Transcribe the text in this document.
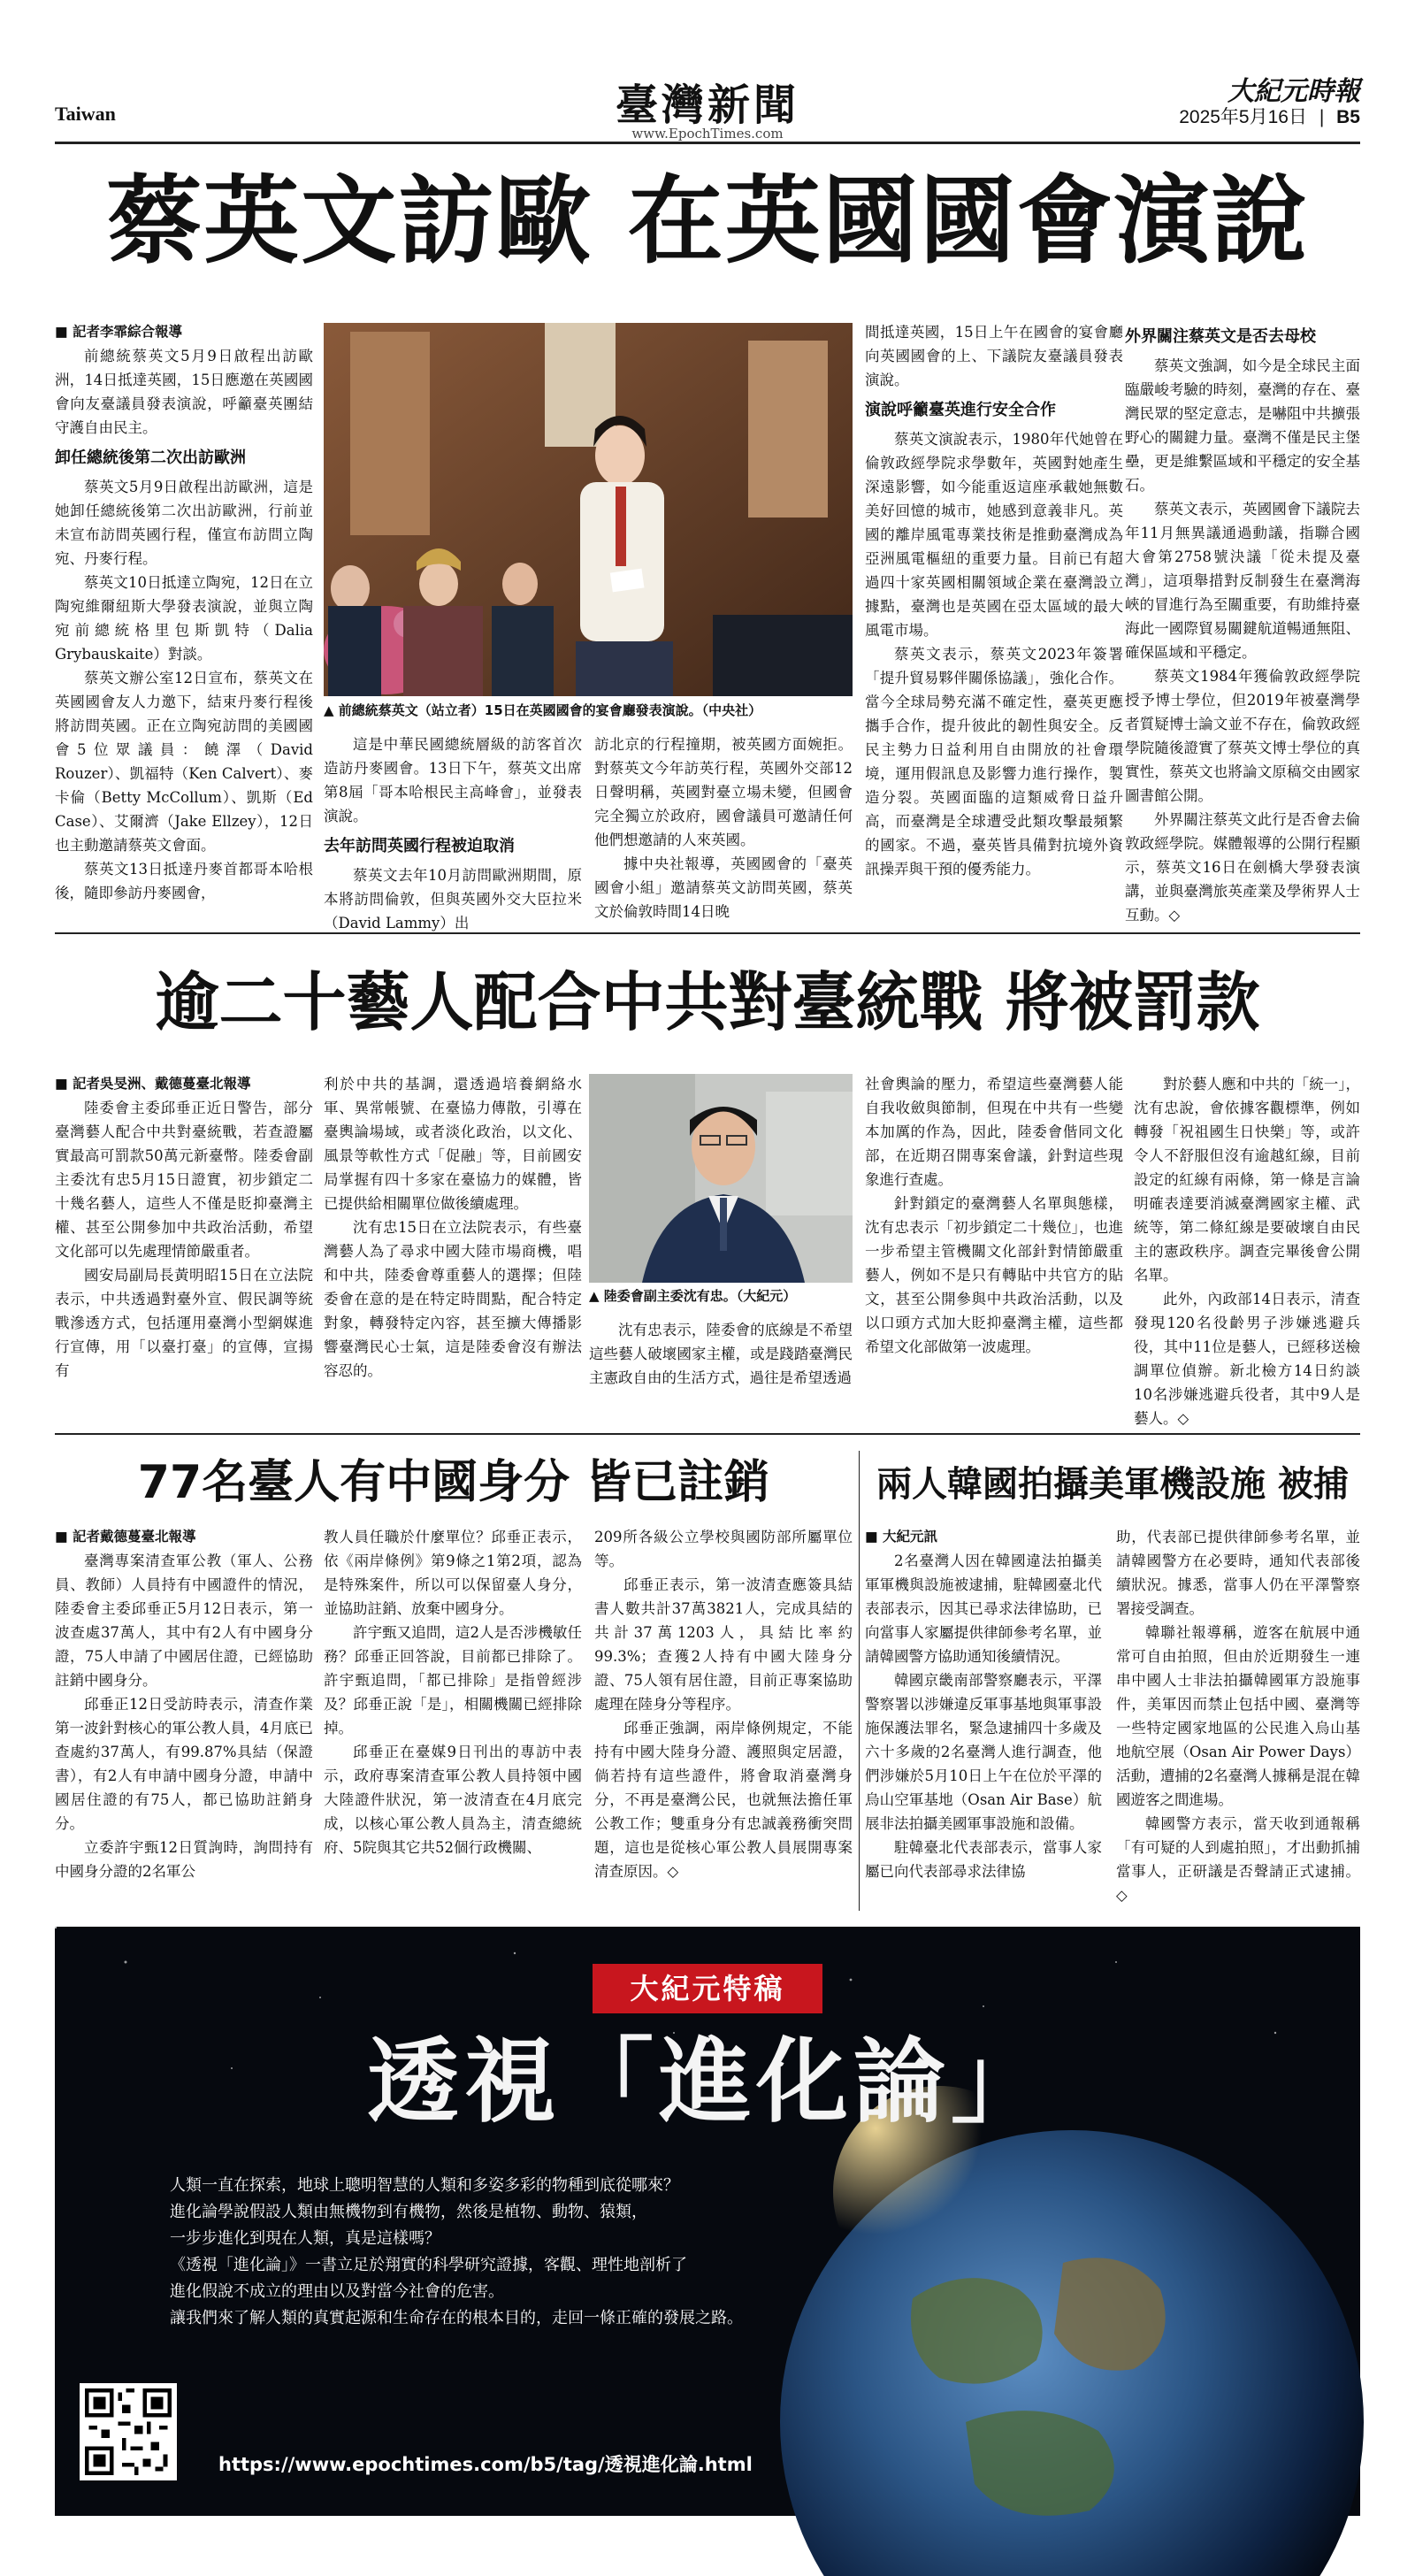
Taiwan	臺灣新聞
www.EpochTimes.com
大紀元時報
2025年5月16日 | B5
蔡英文訪歐 在英國國會演說

■ 記者李霏綜合報導

前總統蔡英文5月9日啟程出訪歐洲，14日抵達英國，15日應邀在英國國會向友臺議員發表演說，呼籲臺英團結守護自由民主。

卸任總統後第二次出訪歐洲

蔡英文5月9日啟程出訪歐洲，這是她卸任總統後第二次出訪歐洲，行前並未宣布訪問英國行程，僅宣布訪問立陶宛、丹麥行程。

蔡英文10日抵達立陶宛，12日在立陶宛維爾紐斯大學發表演說，並與立陶宛前總統格里包斯凱特（Dalia Grybauskaite）對談。

蔡英文辦公室12日宣布，蔡英文在英國國會友人力邀下，結束丹麥行程後將訪問英國。正在立陶宛訪問的美國國會5位眾議員：饒澤（David Rouzer）、凱福特（Ken Calvert）、麥卡倫（Betty McCollum）、凱斯（Ed Case）、艾爾濟（Jake Ellzey），12日也主動邀請蔡英文會面。

蔡英文13日抵達丹麥首都哥本哈根後，隨即參訪丹麥國會，

▲ 前總統蔡英文（站立者）15日在英國國會的宴會廳發表演說。（中央社）

這是中華民國總統層級的訪客首次造訪丹麥國會。13日下午，蔡英文出席第8屆「哥本哈根民主高峰會」，並發表演說。

去年訪問英國行程被迫取消

蔡英文去年10月訪問歐洲期間，原本將訪問倫敦，但與英國外交大臣拉米（David Lammy）出

訪北京的行程撞期，被英國方面婉拒。對蔡英文今年訪英行程，英國外交部12日聲明稱，英國對臺立場未變，但國會完全獨立於政府，國會議員可邀請任何他們想邀請的人來英國。

據中央社報導，英國國會的「臺英國會小組」邀請蔡英文訪問英國，蔡英文於倫敦時間14日晚

間抵達英國，15日上午在國會的宴會廳向英國國會的上、下議院友臺議員發表演說。

演說呼籲臺英進行安全合作

蔡英文演說表示，1980年代她曾在倫敦政經學院求學數年，英國對她產生深遠影響，如今能重返這座承載她無數美好回憶的城市，她感到意義非凡。英國的離岸風電專業技術是推動臺灣成為亞洲風電樞紐的重要力量。目前已有超過四十家英國相關領域企業在臺灣設立據點，臺灣也是英國在亞太區域的最大風電市場。

蔡英文表示，蔡英文2023年簽署「提升貿易夥伴關係協議」，強化合作。當今全球局勢充滿不確定性，臺英更應攜手合作，提升彼此的韌性與安全。反民主勢力日益利用自由開放的社會環境，運用假訊息及影響力進行操作，製造分裂。英國面臨的這類威脅日益升高，而臺灣是全球遭受此類攻擊最頻繁的國家。不過，臺英皆具備對抗境外資訊操弄與干預的優秀能力。

外界關注蔡英文是否去母校

蔡英文強調，如今是全球民主面臨嚴峻考驗的時刻，臺灣的存在、臺灣民眾的堅定意志，是嚇阻中共擴張野心的關鍵力量。臺灣不僅是民主堡壘，更是維繫區域和平穩定的安全基石。

蔡英文表示，英國國會下議院去年11月無異議通過動議，指聯合國大會第2758號決議「從未提及臺灣」，這項舉措對反制發生在臺灣海峽的冒進行為至關重要，有助維持臺海此一國際貿易關鍵航道暢通無阻、確保區域和平穩定。

蔡英文1984年獲倫敦政經學院授予博士學位，但2019年被臺灣學者質疑博士論文並不存在，倫敦政經學院隨後證實了蔡英文博士學位的真實性，蔡英文也將論文原稿交由國家圖書館公開。

外界關注蔡英文此行是否會去倫敦政經學院。媒體報導的公開行程顯示，蔡英文16日在劍橋大學發表演講，並與臺灣旅英產業及學術界人士互動。◇

逾二十藝人配合中共對臺統戰 將被罰款

■ 記者吳旻洲、戴德蔓臺北報導

陸委會主委邱垂正近日警告，部分臺灣藝人配合中共對臺統戰，若查證屬實最高可罰款50萬元新臺幣。陸委會副主委沈有忠5月15日證實，初步鎖定二十幾名藝人，這些人不僅是貶抑臺灣主權、甚至公開參加中共政治活動，希望文化部可以先處理情節嚴重者。

國安局副局長黃明昭15日在立法院表示，中共透過對臺外宣、假民調等統戰滲透方式，包括運用臺灣小型網媒進行宣傳，用「以臺打臺」的宣傳，宣揚有

利於中共的基調，還透過培養網絡水軍、異常帳號、在臺協力傳散，引導在臺輿論場域，或者淡化政治，以文化、風景等軟性方式「促融」等，目前國安局掌握有四十多家在臺協力的媒體，皆已提供給相關單位做後續處理。

沈有忠15日在立法院表示，有些臺灣藝人為了尋求中國大陸市場商機，唱和中共，陸委會尊重藝人的選擇；但陸委會在意的是在特定時間點，配合特定對象，轉發特定內容，甚至擴大傳播影響臺灣民心士氣，這是陸委會沒有辦法容忍的。

▲ 陸委會副主委沈有忠。（大紀元）

沈有忠表示，陸委會的底線是不希望這些藝人破壞國家主權，或是踐踏臺灣民主憲政自由的生活方式，過往是希望透過

社會輿論的壓力，希望這些臺灣藝人能自我收斂與節制，但現在中共有一些變本加厲的作為，因此，陸委會偕同文化部，在近期召開專案會議，針對這些現象進行查處。

針對鎖定的臺灣藝人名單與態樣，沈有忠表示「初步鎖定二十幾位」，也進一步希望主管機關文化部針對情節嚴重藝人，例如不是只有轉貼中共官方的貼文，甚至公開參與中共政治活動，以及以口頭方式加大貶抑臺灣主權，這些都希望文化部做第一波處理。

對於藝人應和中共的「統一」，沈有忠說，會依據客觀標準，例如轉發「祝祖國生日快樂」等，或許令人不舒服但沒有逾越紅線，目前設定的紅線有兩條，第一條是言論明確表達要消滅臺灣國家主權、武統等，第二條紅線是要破壞自由民主的憲政秩序。調查完畢後會公開名單。

此外，內政部14日表示，清查發現120名役齡男子涉嫌逃避兵役，其中11位是藝人，已經移送檢調單位偵辦。新北檢方14日約談10名涉嫌逃避兵役者，其中9人是藝人。◇

77名臺人有中國身分 皆已註銷

■ 記者戴德蔓臺北報導

臺灣專案清查軍公教（軍人、公務員、教師）人員持有中國證件的情況，陸委會主委邱垂正5月12日表示，第一波查處37萬人，其中有2人有中國身分證，75人申請了中國居住證，已經協助註銷中國身分。

邱垂正12日受訪時表示，清查作業第一波針對核心的軍公教人員，4月底已查處約37萬人，有99.87%具結（保證書），有2人有申請中國身分證，申請中國居住證的有75人，都已協助註銷身分。

立委許宇甄12日質詢時，詢問持有中國身分證的2名軍公

教人員任職於什麼單位？邱垂正表示，依《兩岸條例》第9條之1第2項，認為是特殊案件，所以可以保留臺人身分，並協助註銷、放棄中國身分。

許宇甄又追問，這2人是否涉機敏任務？邱垂正回答說，目前都已排除了。許宇甄追問，「都已排除」是指曾經涉及？邱垂正說「是」，相關機關已經排除掉。

邱垂正在臺媒9日刊出的專訪中表示，政府專案清查軍公教人員持領中國大陸證件狀況，第一波清查在4月底完成，以核心軍公教人員為主，清查總統府、5院與其它共52個行政機關、

209所各級公立學校與國防部所屬單位等。

邱垂正表示，第一波清查應簽具結書人數共計37萬3821人，完成具結的共計37萬1203人，具結比率約99.3%；查獲2人持有中國大陸身分證、75人領有居住證，目前正專案協助處理在陸身分等程序。

邱垂正強調，兩岸條例規定，不能持有中國大陸身分證、護照與定居證，倘若持有這些證件，將會取消臺灣身分，不再是臺灣公民，也就無法擔任軍公教工作；雙重身分有忠誠義務衝突問題，這也是從核心軍公教人員展開專案清查原因。◇

兩人韓國拍攝美軍機設施 被捕

■ 大紀元訊

2名臺灣人因在韓國違法拍攝美軍軍機與設施被逮捕，駐韓國臺北代表部表示，因其已尋求法律協助，已向當事人家屬提供律師參考名單，並請韓國警方協助通知後續情況。

韓國京畿南部警察廳表示，平澤警察署以涉嫌違反軍事基地與軍事設施保護法罪名，緊急逮捕四十多歲及六十多歲的2名臺灣人進行調查，他們涉嫌於5月10日上午在位於平澤的烏山空軍基地（Osan Air Base）航展非法拍攝美國軍事設施和設備。

駐韓臺北代表部表示，當事人家屬已向代表部尋求法律協

助，代表部已提供律師參考名單，並請韓國警方在必要時，通知代表部後續狀況。據悉，當事人仍在平澤警察署接受調查。

韓聯社報導稱，遊客在航展中通常可自由拍照，但由於近期發生一連串中國人士非法拍攝韓國軍方設施事件，美軍因而禁止包括中國、臺灣等一些特定國家地區的公民進入烏山基地航空展（Osan Air Power Days）活動，遭捕的2名臺灣人據稱是混在韓國遊客之間進場。

韓國警方表示，當天收到通報稱「有可疑的人到處拍照」，才出動抓捕當事人，正研議是否聲請正式逮捕。◇

大紀元特稿
透視「進化論」
人類一直在探索，地球上聰明智慧的人類和多姿多彩的物種到底從哪來？
進化論學說假設人類由無機物到有機物，然後是植物、動物、猿類，
一步步進化到現在人類，真是這樣嗎？
《透視「進化論」》一書立足於翔實的科學研究證據，客觀、理性地剖析了
進化假說不成立的理由以及對當今社會的危害。
讓我們來了解人類的真實起源和生命存在的根本目的，走回一條正確的發展之路。
https://www.epochtimes.com/b5/tag/透視進化論.html
